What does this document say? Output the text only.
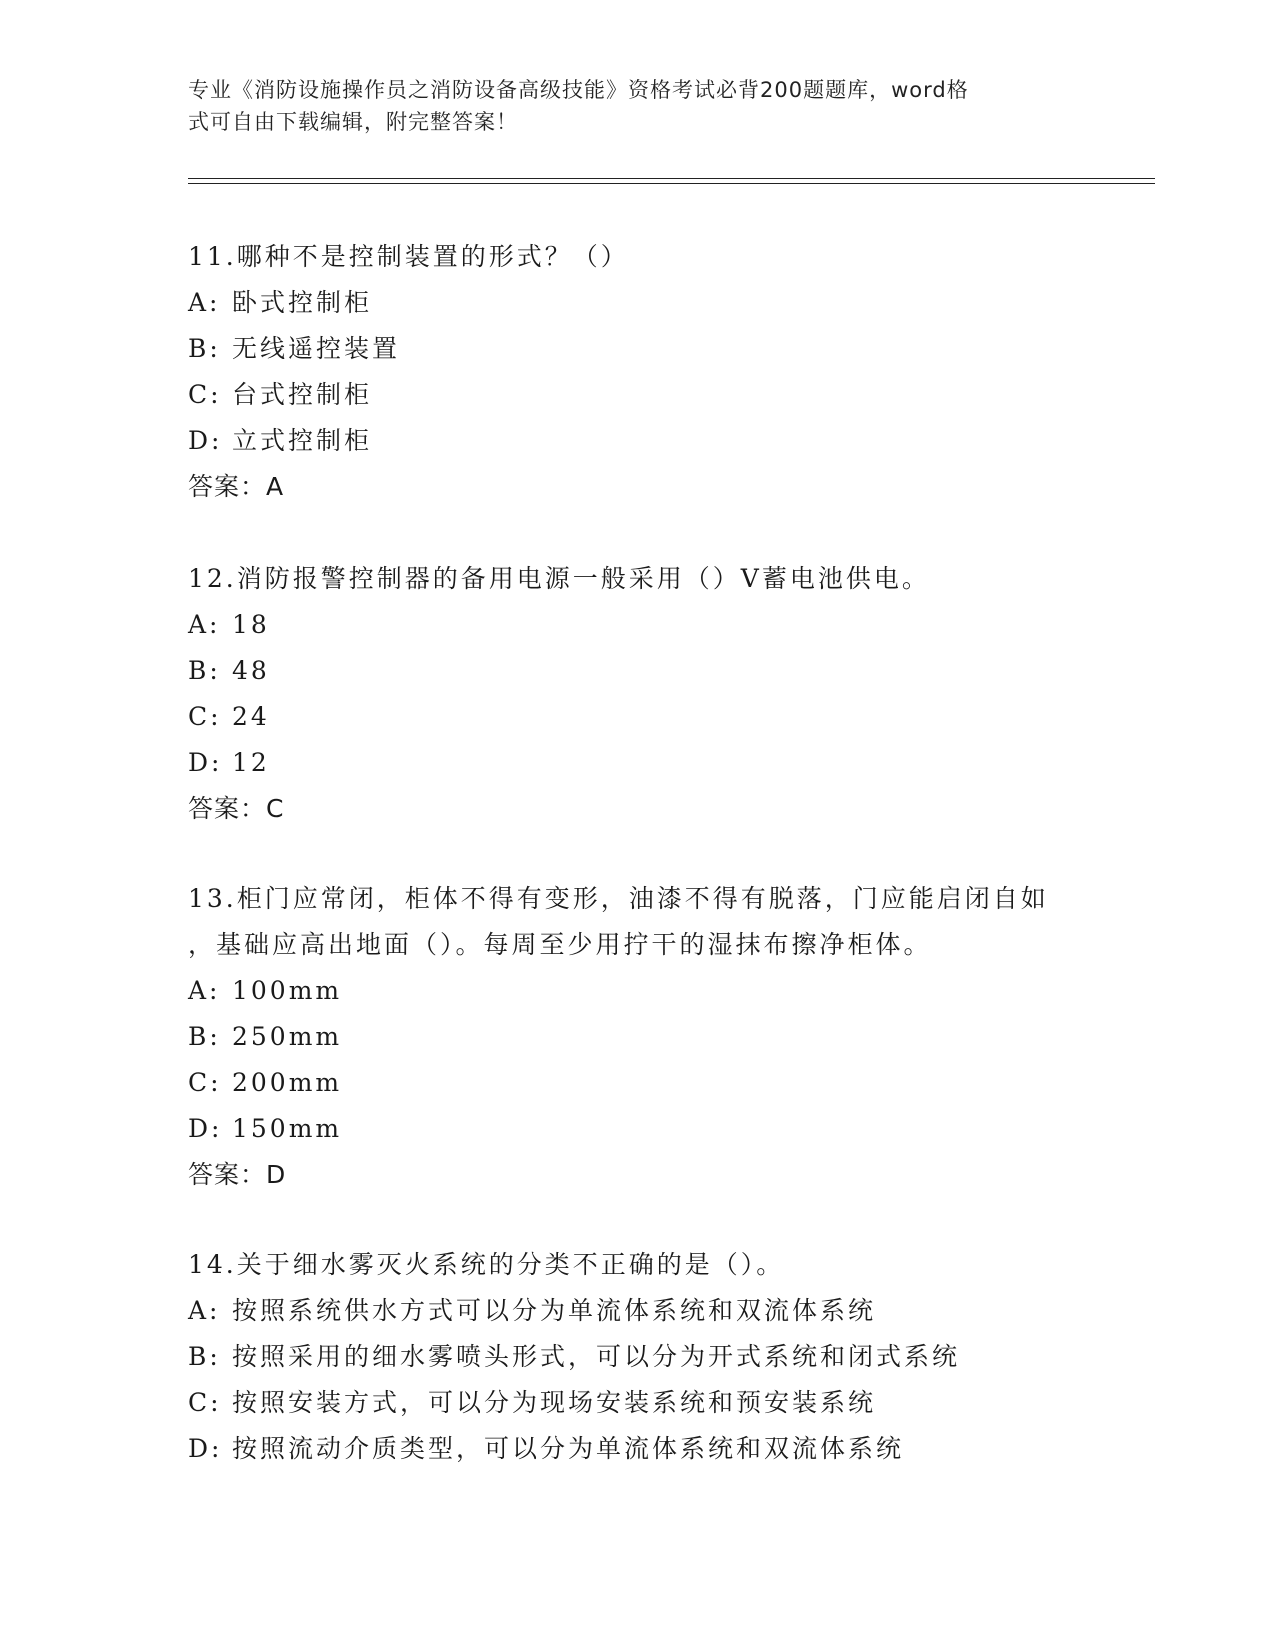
专业《消防设施操作员之消防设备高级技能》资格考试必背200题题库，word格
式可自由下载编辑，附完整答案！

11.哪种不是控制装置的形式？（）

A: 卧式控制柜

B: 无线遥控装置

C: 台式控制柜

D: 立式控制柜

答案：A

12.消防报警控制器的备用电源一般采用（）V蓄电池供电。

A: 18

B: 48

C: 24

D: 12

答案：C

13.柜门应常闭，柜体不得有变形，油漆不得有脱落，门应能启闭自如

，基础应高出地面（）。每周至少用拧干的湿抹布擦净柜体。

A: 100mm

B: 250mm

C: 200mm

D: 150mm

答案：D

14.关于细水雾灭火系统的分类不正确的是（）。

A: 按照系统供水方式可以分为单流体系统和双流体系统

B: 按照采用的细水雾喷头形式，可以分为开式系统和闭式系统

C: 按照安装方式，可以分为现场安装系统和预安装系统

D: 按照流动介质类型，可以分为单流体系统和双流体系统
